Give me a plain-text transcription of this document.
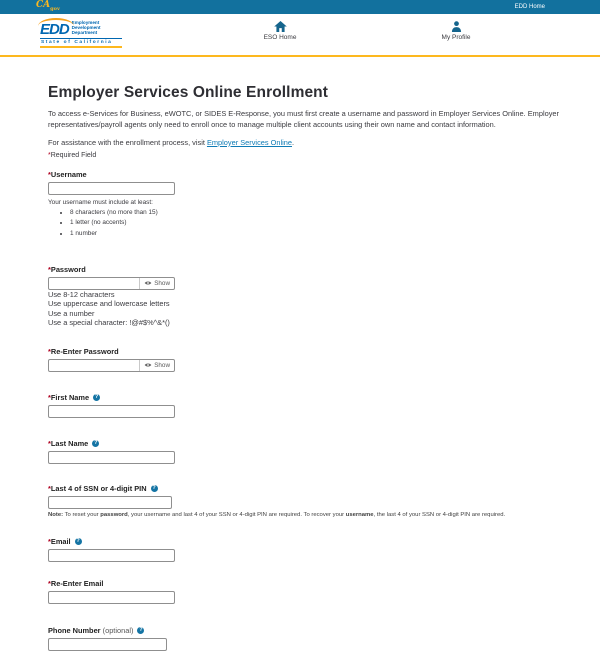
$CA_{gov}$	EDD Home
EDD Employment
Development
Department
State of California
ESO Home	My Profile
Employer Services Online Enrollment

To access e-Services for Business, eWOTC, or SIDES E-Response, you must first create a username and password in Employer Services Online. Employer representatives/payroll agents only need to enroll once to manage multiple client accounts using their own name and contact information.

For assistance with the enrollment process, visit Employer Services Online.

*Required Field

*Username
Your username must include at least:
• 8 characters (no more than 15)
• 1 letter (no accents)
• 1 number
*Password
Show
Use 8-12 characters
Use uppercase and lowercase letters
Use a number
Use a special character: !@#$%^&*()
*Re-Enter Password
Show
*First Name	?
*Last Name	?
*Last 4 of SSN or 4-digit PIN	?
Note: To reset your password, your username and last 4 of your SSN or 4-digit PIN are required. To recover your username, the last 4 of your SSN or 4-digit PIN are required.
*Email	?
*Re-Enter Email
Phone Number (optional)	?
